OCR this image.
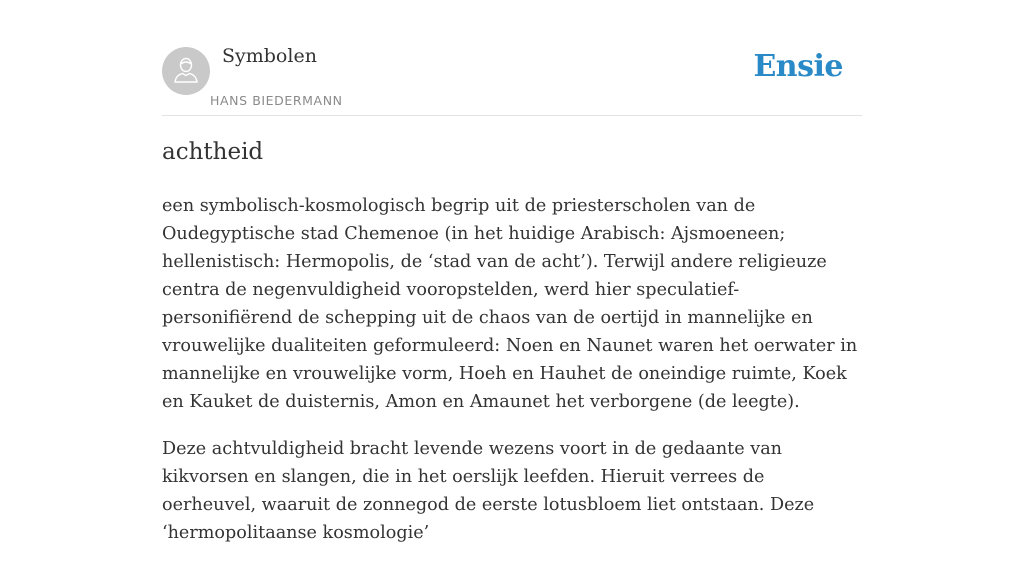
Symbolen
HANS BIEDERMANN
Ensie
achtheid

een symbolisch-kosmologisch begrip uit de priesterscholen van de Oudegyptische stad Chemenoe (in het huidige Arabisch: Ajsmoeneen; hellenistisch: Hermopolis, de ‘stad van de acht’). Terwijl andere religieuze centra de negenvuldigheid vooropstelden, werd hier speculatief-personifiërend de schepping uit de chaos van de oertijd in mannelijke en vrouwelijke dualiteiten geformuleerd: Noen en Naunet waren het oerwater in mannelijke en vrouwelijke vorm, Hoeh en Hauhet de oneindige ruimte, Koek en Kauket de duisternis, Amon en Amaunet het verborgene (de leegte).

Deze achtvuldigheid bracht levende wezens voort in de gedaante van kikvorsen en slangen, die in het oerslijk leefden. Hieruit verrees de oerheuvel, waaruit de zonnegod de eerste lotusbloem liet ontstaan. Deze ‘hermopolitaanse kosmologie’
